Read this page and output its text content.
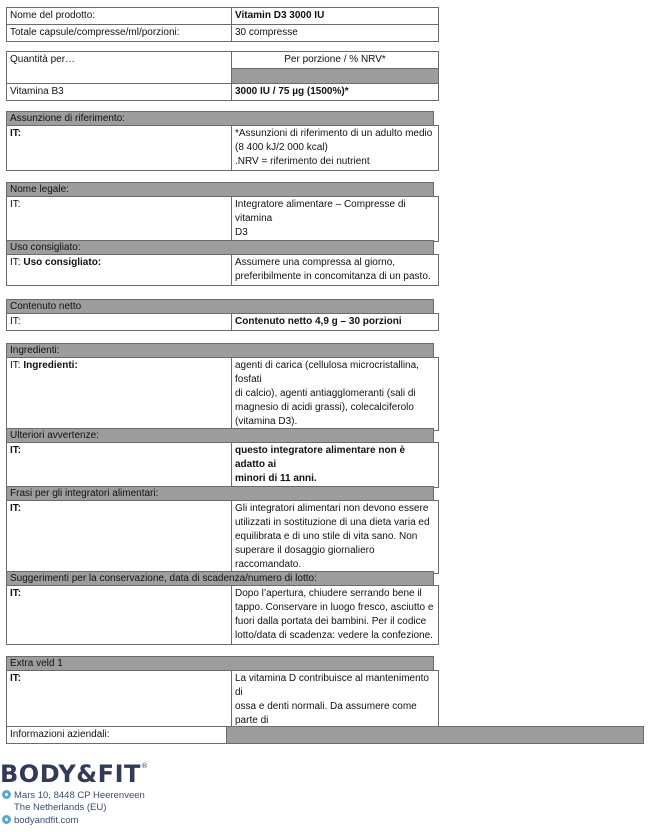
Nome del prodotto:	Vitamin D3 3000 IU
Totale capsule/compresse/ml/porzioni:	30 compresse
Quantità per…	Per porzione / % NRV*

Vitamina B3	3000 IU / 75 µg (1500%)*
Assunzione di riferimento:
IT:	*Assunzioni di riferimento di un adulto medio
(8 400 kJ/2 000 kcal)
.NRV = riferimento dei nutrient
Nome legale:
IT:	Integratore alimentare – Compresse di vitamina
D3
Uso consigliato:
IT: Uso consigliato:	Assumere una compressa al giorno,
preferibilmente in concomitanza di un pasto.
Contenuto netto
IT:	Contenuto netto 4,9 g – 30 porzioni
Ingredienti:
IT: Ingredienti:	agenti di carica (cellulosa microcristallina, fosfati
di calcio), agenti antiagglomeranti (sali di
magnesio di acidi grassi), colecalciferolo
(vitamina D3).
Ulteriori avvertenze:
IT:	questo integratore alimentare non è adatto ai
minori di 11 anni.
Frasi per gli integratori alimentari:
IT:	Gli integratori alimentari non devono essere
utilizzati in sostituzione di una dieta varia ed
equilibrata e di uno stile di vita sano. Non
superare il dosaggio giornaliero raccomandato.
Suggerimenti per la conservazione, data di scadenza/numero di lotto:
IT:	Dopo l’apertura, chiudere serrando bene il
tappo. Conservare in luogo fresco, asciutto e
fuori dalla portata dei bambini. Per il codice
lotto/data di scadenza: vedere la confezione.
Extra veld 1
IT:	La vitamina D contribuisce al mantenimento di
ossa e denti normali. Da assumere come parte di
Informazioni aziendali:	
BODY&FIT®
Mars 10, 8448 CP Heerenveen
The Netherlands (EU)
bodyandfit.com
